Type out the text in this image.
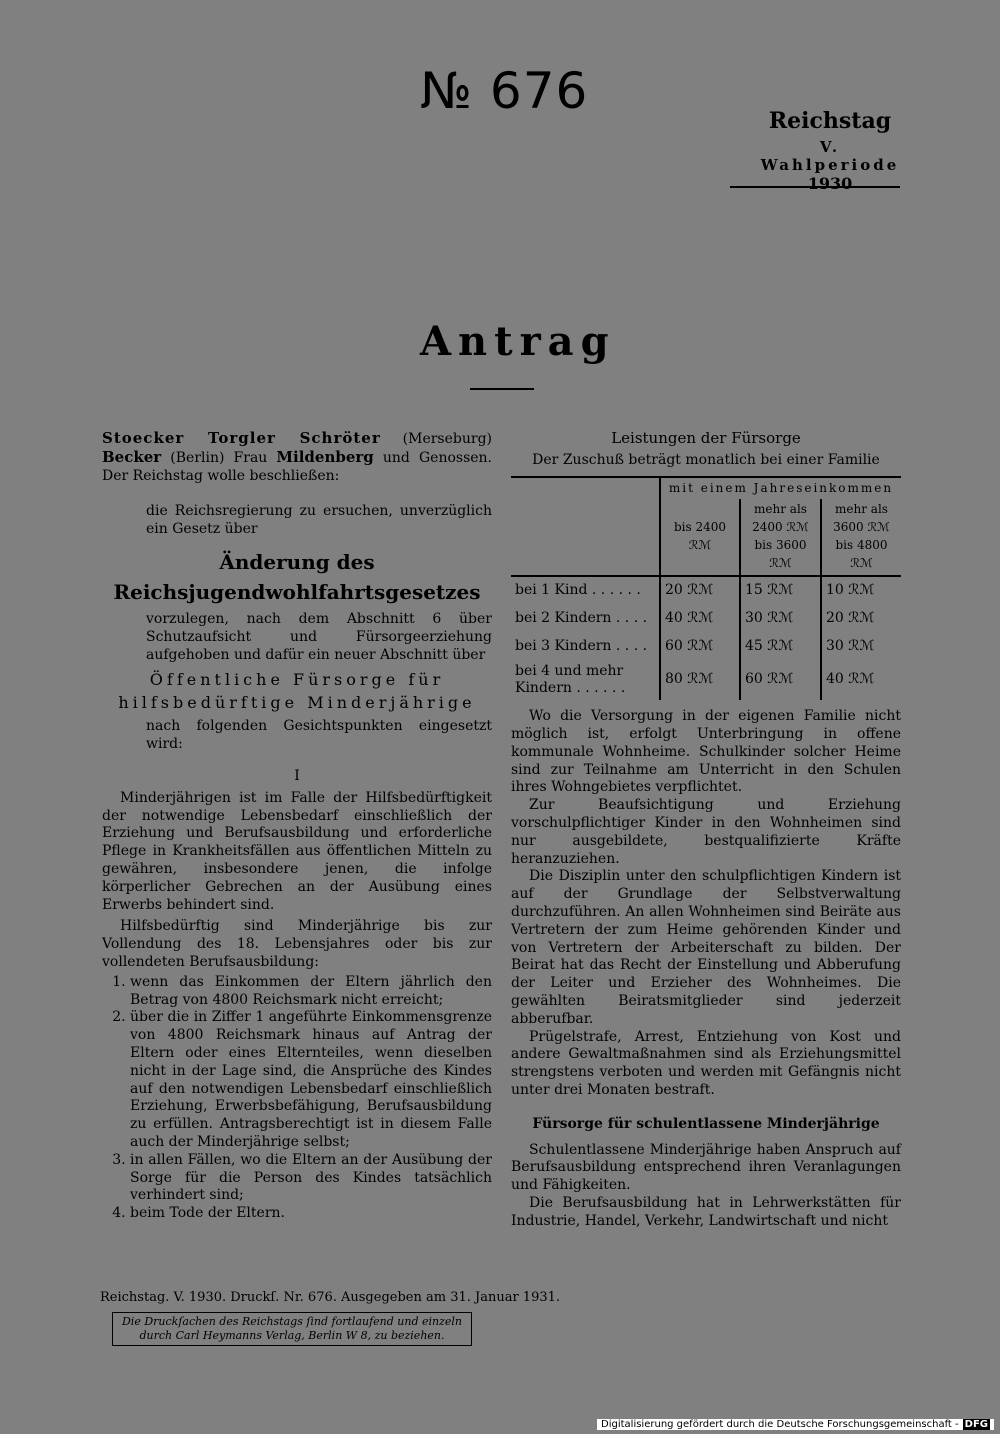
№ 676
Reichstag
V. Wahlperiode
1930
Antrag

Stoecker Torgler Schröter (Merseburg) Becker (Berlin) Frau Mildenberg und Genossen. Der Reichstag wolle beschließen:

die Reichsregierung zu ersuchen, unverzüglich ein Gesetz über

Änderung des Reichsjugendwohlfahrtsgesetzes

vorzulegen, nach dem Abschnitt 6 über Schutzaufsicht und Fürsorgeerziehung aufgehoben und dafür ein neuer Abschnitt über

Öffentliche Fürsorge für hilfsbedürftige Minderjährige

nach folgenden Gesichtspunkten eingesetzt wird:

I

Minderjährigen ist im Falle der Hilfsbedürftigkeit der notwendige Lebensbedarf einschließlich der Erziehung und Berufsausbildung und erforderliche Pflege in Krankheitsfällen aus öffentlichen Mitteln zu gewähren, insbesondere jenen, die infolge körperlicher Gebrechen an der Ausübung eines Erwerbs behindert sind.

Hilfsbedürftig sind Minderjährige bis zur Vollendung des 18. Lebensjahres oder bis zur vollendeten Berufsausbildung:

1. wenn das Einkommen der Eltern jährlich den Betrag von 4800 Reichsmark nicht erreicht;
2. über die in Ziffer 1 angeführte Einkommensgrenze von 4800 Reichsmark hinaus auf Antrag der Eltern oder eines Elternteiles, wenn dieselben nicht in der Lage sind, die Ansprüche des Kindes auf den notwendigen Lebensbedarf einschließlich Erziehung, Erwerbsbefähigung, Berufsausbildung zu erfüllen. Antragsberechtigt ist in diesem Falle auch der Minderjährige selbst;
3. in allen Fällen, wo die Eltern an der Ausübung der Sorge für die Person des Kindes tatsächlich verhindert sind;
4. beim Tode der Eltern.

Leistungen der Fürsorge

Der Zuschuß beträgt monatlich bei einer Familie

	mit einem Jahreseinkommen		
	bis 2400 ℛℳ	mehr als 2400 ℛℳ bis 3600 ℛℳ	mehr als 3600 ℛℳ bis 4800 ℛℳ
bei 1 Kind . . . . . .	20 ℛℳ	15 ℛℳ	10 ℛℳ
bei 2 Kindern . . . .	40 ℛℳ	30 ℛℳ	20 ℛℳ
bei 3 Kindern . . . .	60 ℛℳ	45 ℛℳ	30 ℛℳ
bei 4 und mehr Kindern . . . . . .	80 ℛℳ	60 ℛℳ	40 ℛℳ

Wo die Versorgung in der eigenen Familie nicht möglich ist, erfolgt Unterbringung in offene kommunale Wohnheime. Schulkinder solcher Heime sind zur Teilnahme am Unterricht in den Schulen ihres Wohngebietes verpflichtet.

Zur Beaufsichtigung und Erziehung vorschulpflichtiger Kinder in den Wohnheimen sind nur ausgebildete, bestqualifizierte Kräfte heranzuziehen.

Die Disziplin unter den schulpflichtigen Kindern ist auf der Grundlage der Selbstverwaltung durchzuführen. An allen Wohnheimen sind Beiräte aus Vertretern der zum Heime gehörenden Kinder und von Vertretern der Arbeiterschaft zu bilden. Der Beirat hat das Recht der Einstellung und Abberufung der Leiter und Erzieher des Wohnheimes. Die gewählten Beiratsmitglieder sind jederzeit abberufbar.

Prügelstrafe, Arrest, Entziehung von Kost und andere Gewaltmaßnahmen sind als Erziehungsmittel strengstens verboten und werden mit Gefängnis nicht unter drei Monaten bestraft.

Fürsorge für schulentlassene Minderjährige

Schulentlassene Minderjährige haben Anspruch auf Berufsausbildung entsprechend ihren Veranlagungen und Fähigkeiten.

Die Berufsausbildung hat in Lehrwerkstätten für Industrie, Handel, Verkehr, Landwirtschaft und nicht

Reichstag. V. 1930. Druckſ. Nr. 676. Ausgegeben am 31. Januar 1931.
Die Druckſachen des Reichstags ſind fortlaufend und einzeln durch Carl Heymanns Verlag, Berlin W 8, zu beziehen.
Digitalisierung gefördert durch die Deutsche Forschungsgemeinschaft - DFG
